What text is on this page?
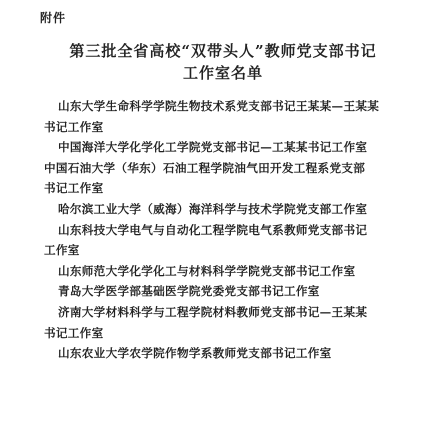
附件
第三批全省高校“双带头人”教师党支部书记
工作室名单
山东大学生命科学学院生物技术系党支部书记王某某—王某某
书记工作室
中国海洋大学化学化工学院党支部书记—工某某书记工作室
中国石油大学（华东）石油工程学院油气田开发工程系党支部
书记工作室
哈尔滨工业大学（威海）海洋科学与技术学院党支部工作室
山东科技大学电气与自动化工程学院电气系教师党支部书记
工作室
山东师范大学化学化工与材料科学学院党支部书记工作室
青岛大学医学部基础医学院党委党支部书记工作室
济南大学材料科学与工程学院材料教师党支部书记—王某某
书记工作室
山东农业大学农学院作物学系教师党支部书记工作室
